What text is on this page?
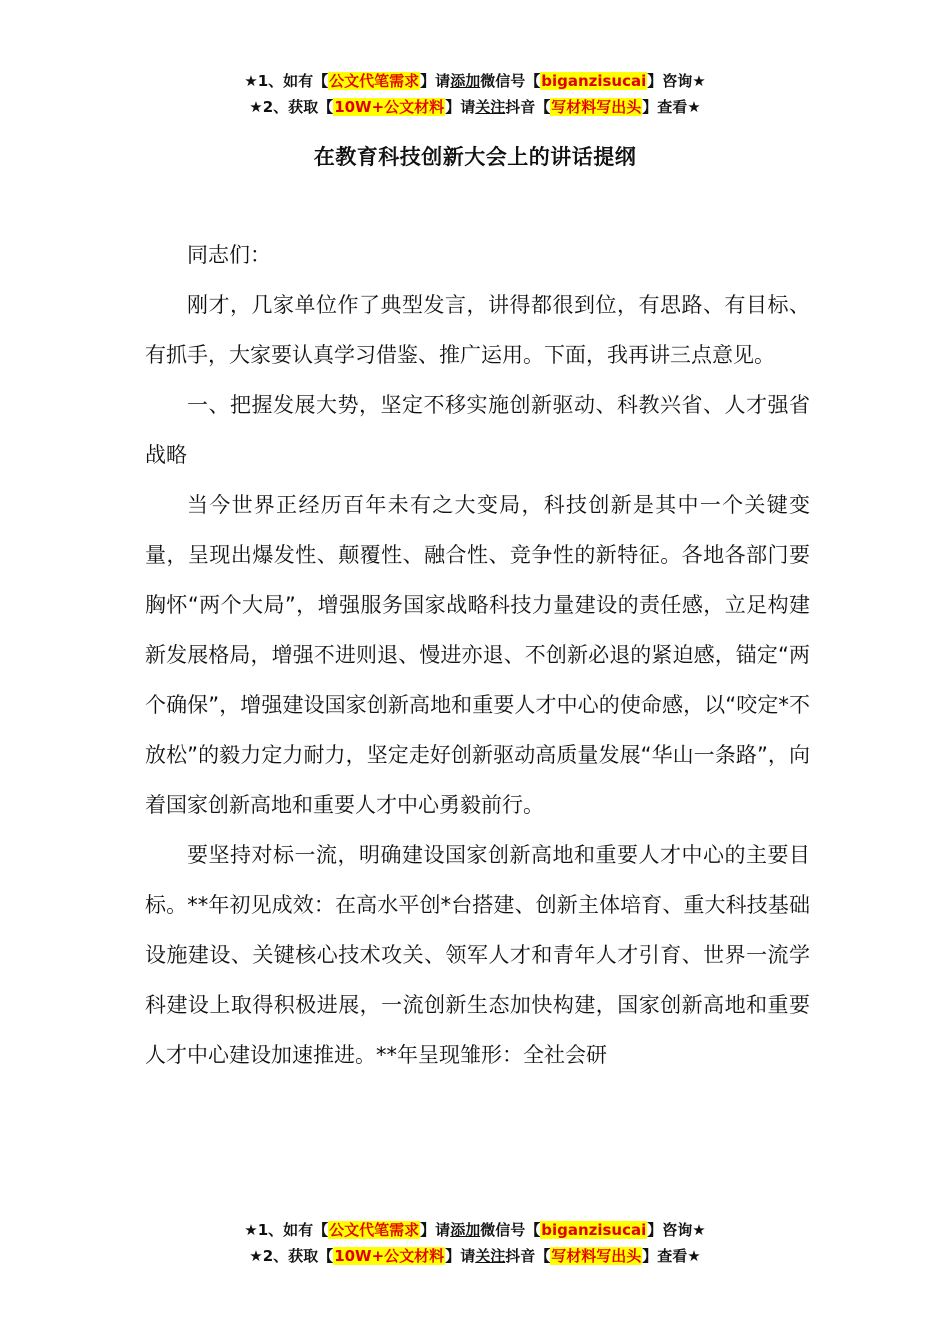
★1、如有【公文代笔需求】请添加微信号【biganzisucai】咨询★
★2、获取【10W+公文材料】请关注抖音【写材料写出头】查看★
在教育科技创新大会上的讲话提纲

同志们：

刚才，几家单位作了典型发言，讲得都很到位，有思路、有目标、有抓手，大家要认真学习借鉴、推广运用。下面，我再讲三点意见。

一、把握发展大势，坚定不移实施创新驱动、科教兴省、人才强省战略

当今世界正经历百年未有之大变局，科技创新是其中一个关键变量，呈现出爆发性、颠覆性、融合性、竞争性的新特征。各地各部门要胸怀“两个大局”，增强服务国家战略科技力量建设的责任感，立足构建新发展格局，增强不进则退、慢进亦退、不创新必退的紧迫感，锚定“两个确保”，增强建设国家创新高地和重要人才中心的使命感，以“咬定*不放松”的毅力定力耐力，坚定走好创新驱动高质量发展“华山一条路”，向着国家创新高地和重要人才中心勇毅前行。

要坚持对标一流，明确建设国家创新高地和重要人才中心的主要目标。**年初见成效：在高水平创*台搭建、创新主体培育、重大科技基础设施建设、关键核心技术攻关、领军人才和青年人才引育、世界一流学科建设上取得积极进展，一流创新生态加快构建，国家创新高地和重要人才中心建设加速推进。**年呈现雏形：全社会研

★1、如有【公文代笔需求】请添加微信号【biganzisucai】咨询★
★2、获取【10W+公文材料】请关注抖音【写材料写出头】查看★
